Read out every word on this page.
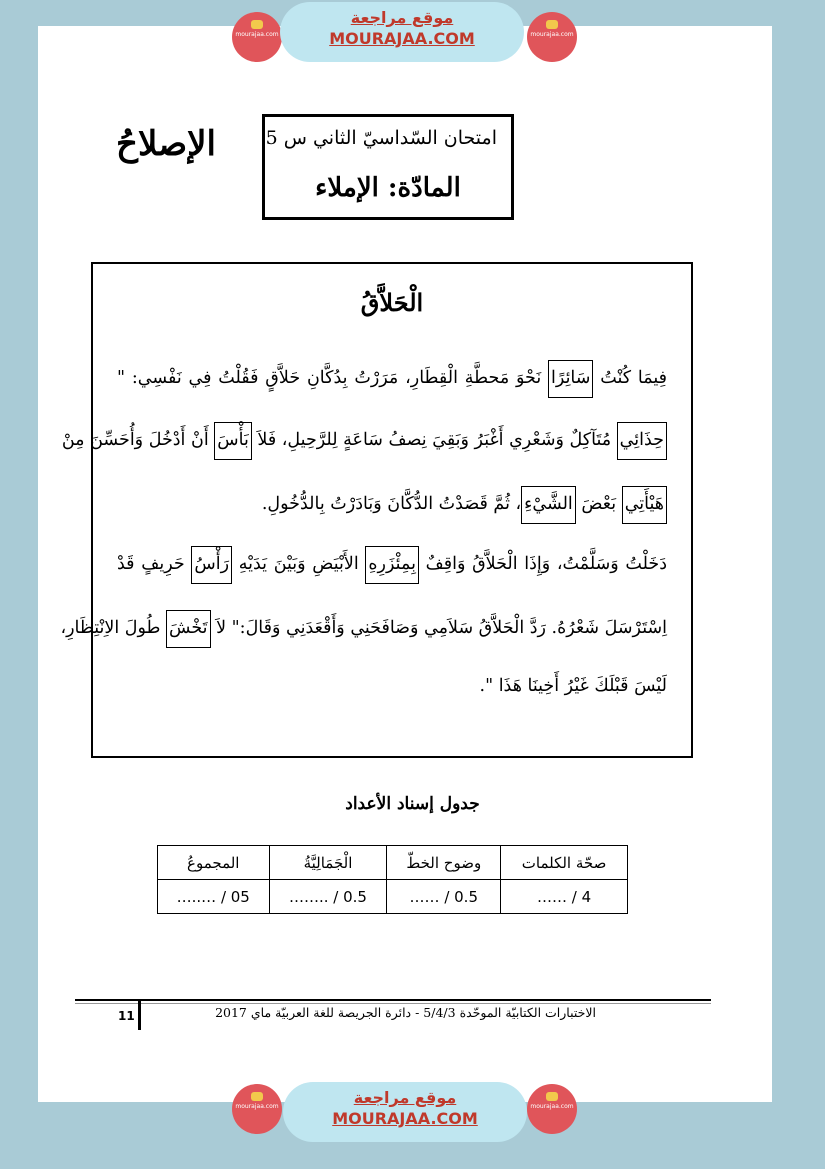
mourajaa.com
موقع مراجعة
MOURAJAA.COM	mourajaa.com
الإصلاحُ	امتحان السّداسيّ الثاني س 5
المادّة: الإملاء
الْحَلاَّقُ
فِيمَا كُنْتُ سَائِرًا نَحْوَ مَحطَّةِ الْقِطَارِ، مَرَرْتُ بِدُكَّانِ حَلاَّقٍ فَقُلْتُ فِي نَفْسِي: "
حِذَائِي مُتَآكِلٌ وَشَعْرِي أَغْبَرُ وَبَقِيَ نِصفُ سَاعَةٍ لِلرَّحِيلِ، فَلاَ بَأْسَ أَنْ أَدْخُلَ وَأُحَسِّنَ مِنْ
هَيْأَتِي بَعْضَ الشَّيْءِ، ثُمَّ قَصَدْتُ الدُّكَّانَ وَبَادَرْتُ بِالدُّخُولِ.
دَخَلْتُ وَسَلَّمْتُ، وَإِذَا الْحَلاَّقُ وَاقِفٌ بِمِئْزَرِهِ الأَبْيَضِ وَبَيْنَ يَدَيْهِ رَأْسُ حَرِيفٍ قَدْ
اِسْتَرْسَلَ شَعْرُهُ. رَدَّ الْحَلاَّقُ سَلاَمِي وَصَافَحَنِي وَأَقْعَدَنِي وَقَالَ:" لاَ تَخْشَ طُولَ الاِنْتِظَارِ،
لَيْسَ قَبْلَكَ غَيْرُ أَخِينَا هَذَا ".
جدول إسناد الأعداد
صحّة الكلمات	وضوح الخطّ	الْجَمَالِيَّةُ	المجموعُ
…… / 4	…… / 0.5	…….. / 0.5	…..… / 05
11	الاختبارات الكتابيّة الموحّدة 5/4/3 - دائرة الجريصة للغة العربيّة ماي 2017
mourajaa.com	موقع مراجعة
MOURAJAA.COM
mourajaa.com
